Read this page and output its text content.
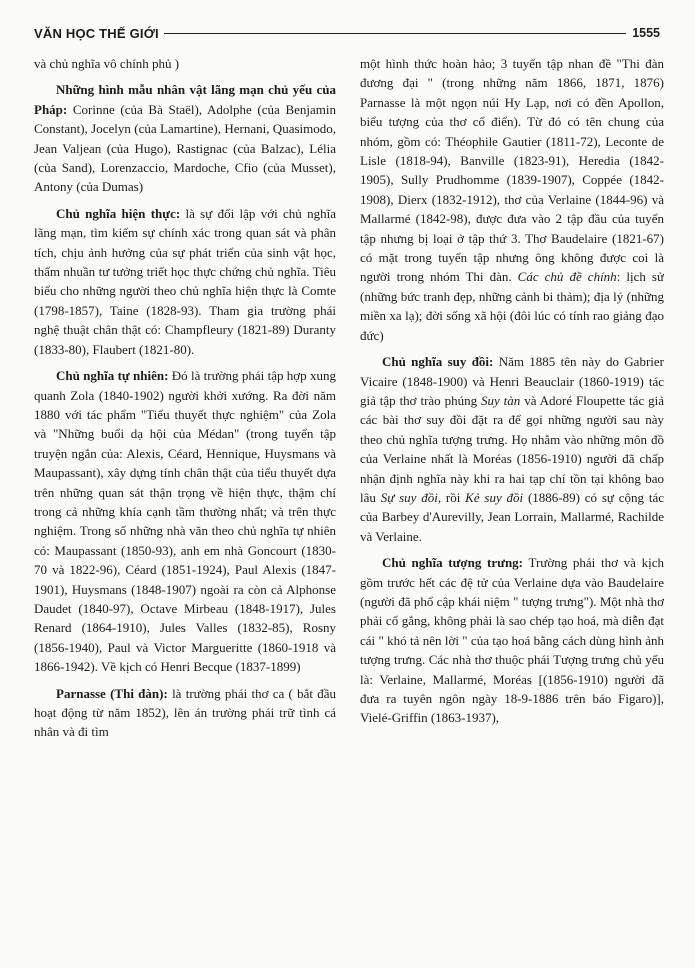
VĂN HỌC THẾ GIỚI	1555

và chủ nghĩa vô chính phủ )

Những hình mẫu nhân vật lãng mạn chủ yếu của Pháp: Corinne (của Bà Staël), Adolphe (của Benjamin Constant), Jocelyn (của Lamartine), Hernani, Quasimodo, Jean Valjean (của Hugo), Rastignac (của Balzac), Lélia (của Sand), Lorenzaccio, Mardoche, Cfio (của Musset), Antony (của Dumas)

Chủ nghĩa hiện thực: là sự đối lập với chủ nghĩa lãng mạn, tìm kiếm sự chính xác trong quan sát và phân tích, chịu ảnh hưởng của sự phát triển của sinh vật học, thấm nhuần tư tưởng triết học thực chứng chủ nghĩa. Tiêu biểu cho những người theo chủ nghĩa hiện thực là Comte (1798-1857), Taine (1828-93). Tham gia trường phái nghệ thuật chân thật có: Champfleury (1821-89) Duranty (1833-80), Flaubert (1821-80).

Chủ nghĩa tự nhiên: Đó là trường phái tập hợp xung quanh Zola (1840-1902) người khởi xướng. Ra đời năm 1880 với tác phẩm "Tiểu thuyết thực nghiệm" của Zola và "Những buổi dạ hội của Médan" (trong tuyển tập truyện ngắn của: Alexis, Céard, Hennique, Huysmans và Maupassant), xây dựng tính chân thật của tiểu thuyết dựa trên những quan sát thận trọng về hiện thực, thậm chí trong cả những khía cạnh tầm thường nhất; và trên thực nghiệm. Trong số những nhà văn theo chủ nghĩa tự nhiên có: Maupassant (1850-93), anh em nhà Goncourt (1830-70 và 1822-96), Céard (1851-1924), Paul Alexis (1847-1901), Huysmans (1848-1907) ngoài ra còn cả Alphonse Daudet (1840-97), Octave Mirbeau (1848-1917), Jules Renard (1864-1910), Jules Valles (1832-85), Rosny (1856-1940), Paul và Victor Margueritte (1860-1918 và 1866-1942). Về kịch có Henri Becque (1837-1899)

Parnasse (Thi đàn): là trường phái thơ ca ( bắt đầu hoạt động từ năm 1852), lên án trường phái trữ tình cá nhân và đi tìm

một hình thức hoàn hảo; 3 tuyển tập nhan đề "Thi đàn đương đại " (trong những năm 1866, 1871, 1876) Parnasse là một ngọn núi Hy Lạp, nơi có đền Apollon, biểu tượng của thơ cổ điển). Từ đó có tên chung của nhóm, gồm có: Théophile Gautier (1811-72), Leconte de Lisle (1818-94), Banville (1823-91), Heredia (1842-1905), Sully Prudhomme (1839-1907), Coppée (1842-1908), Dierx (1832-1912), thơ của Verlaine (1844-96) và Mallarmé (1842-98), được đưa vào 2 tập đầu của tuyển tập nhưng bị loại ở tập thứ 3. Thơ Baudelaire (1821-67) có mặt trong tuyển tập nhưng ông không được coi là người trong nhóm Thi đàn. Các chủ đề chính: lịch sử (những bức tranh đẹp, những cảnh bi thảm); địa lý (những miền xa lạ); đời sống xã hội (đôi lúc có tính rao giảng đạo đức)

Chủ nghĩa suy đồi: Năm 1885 tên này do Gabrier Vicaire (1848-1900) và Henri Beauclair (1860-1919) tác giả tập thơ trào phúng Suy tàn và Adoré Floupette tác giả các bài thơ suy đồi đặt ra để gọi những người sau này theo chủ nghĩa tượng trưng. Họ nhằm vào những môn đồ của Verlaine nhất là Moréas (1856-1910) người đã chấp nhận định nghĩa này khi ra hai tạp chí tồn tại không bao lâu Sự suy đồi, rồi Kẻ suy đồi (1886-89) có sự cộng tác của Barbey d'Aurevilly, Jean Lorrain, Mallarmé, Rachilde và Verlaine.

Chủ nghĩa tượng trưng: Trường phái thơ và kịch gồm trước hết các đệ tử của Verlaine dựa vào Baudelaire (người đã phổ cập khái niệm " tượng trưng"). Một nhà thơ phải cố gắng, không phải là sao chép tạo hoá, mà diễn đạt cái " khó tả nên lời " của tạo hoá bằng cách dùng hình ảnh tượng trưng. Các nhà thơ thuộc phái Tượng trưng chủ yếu là: Verlaine, Mallarmé, Moréas [(1856-1910) người đã đưa ra tuyên ngôn ngày 18-9-1886 trên báo Figaro)], Vielé-Griffin (1863-1937),
